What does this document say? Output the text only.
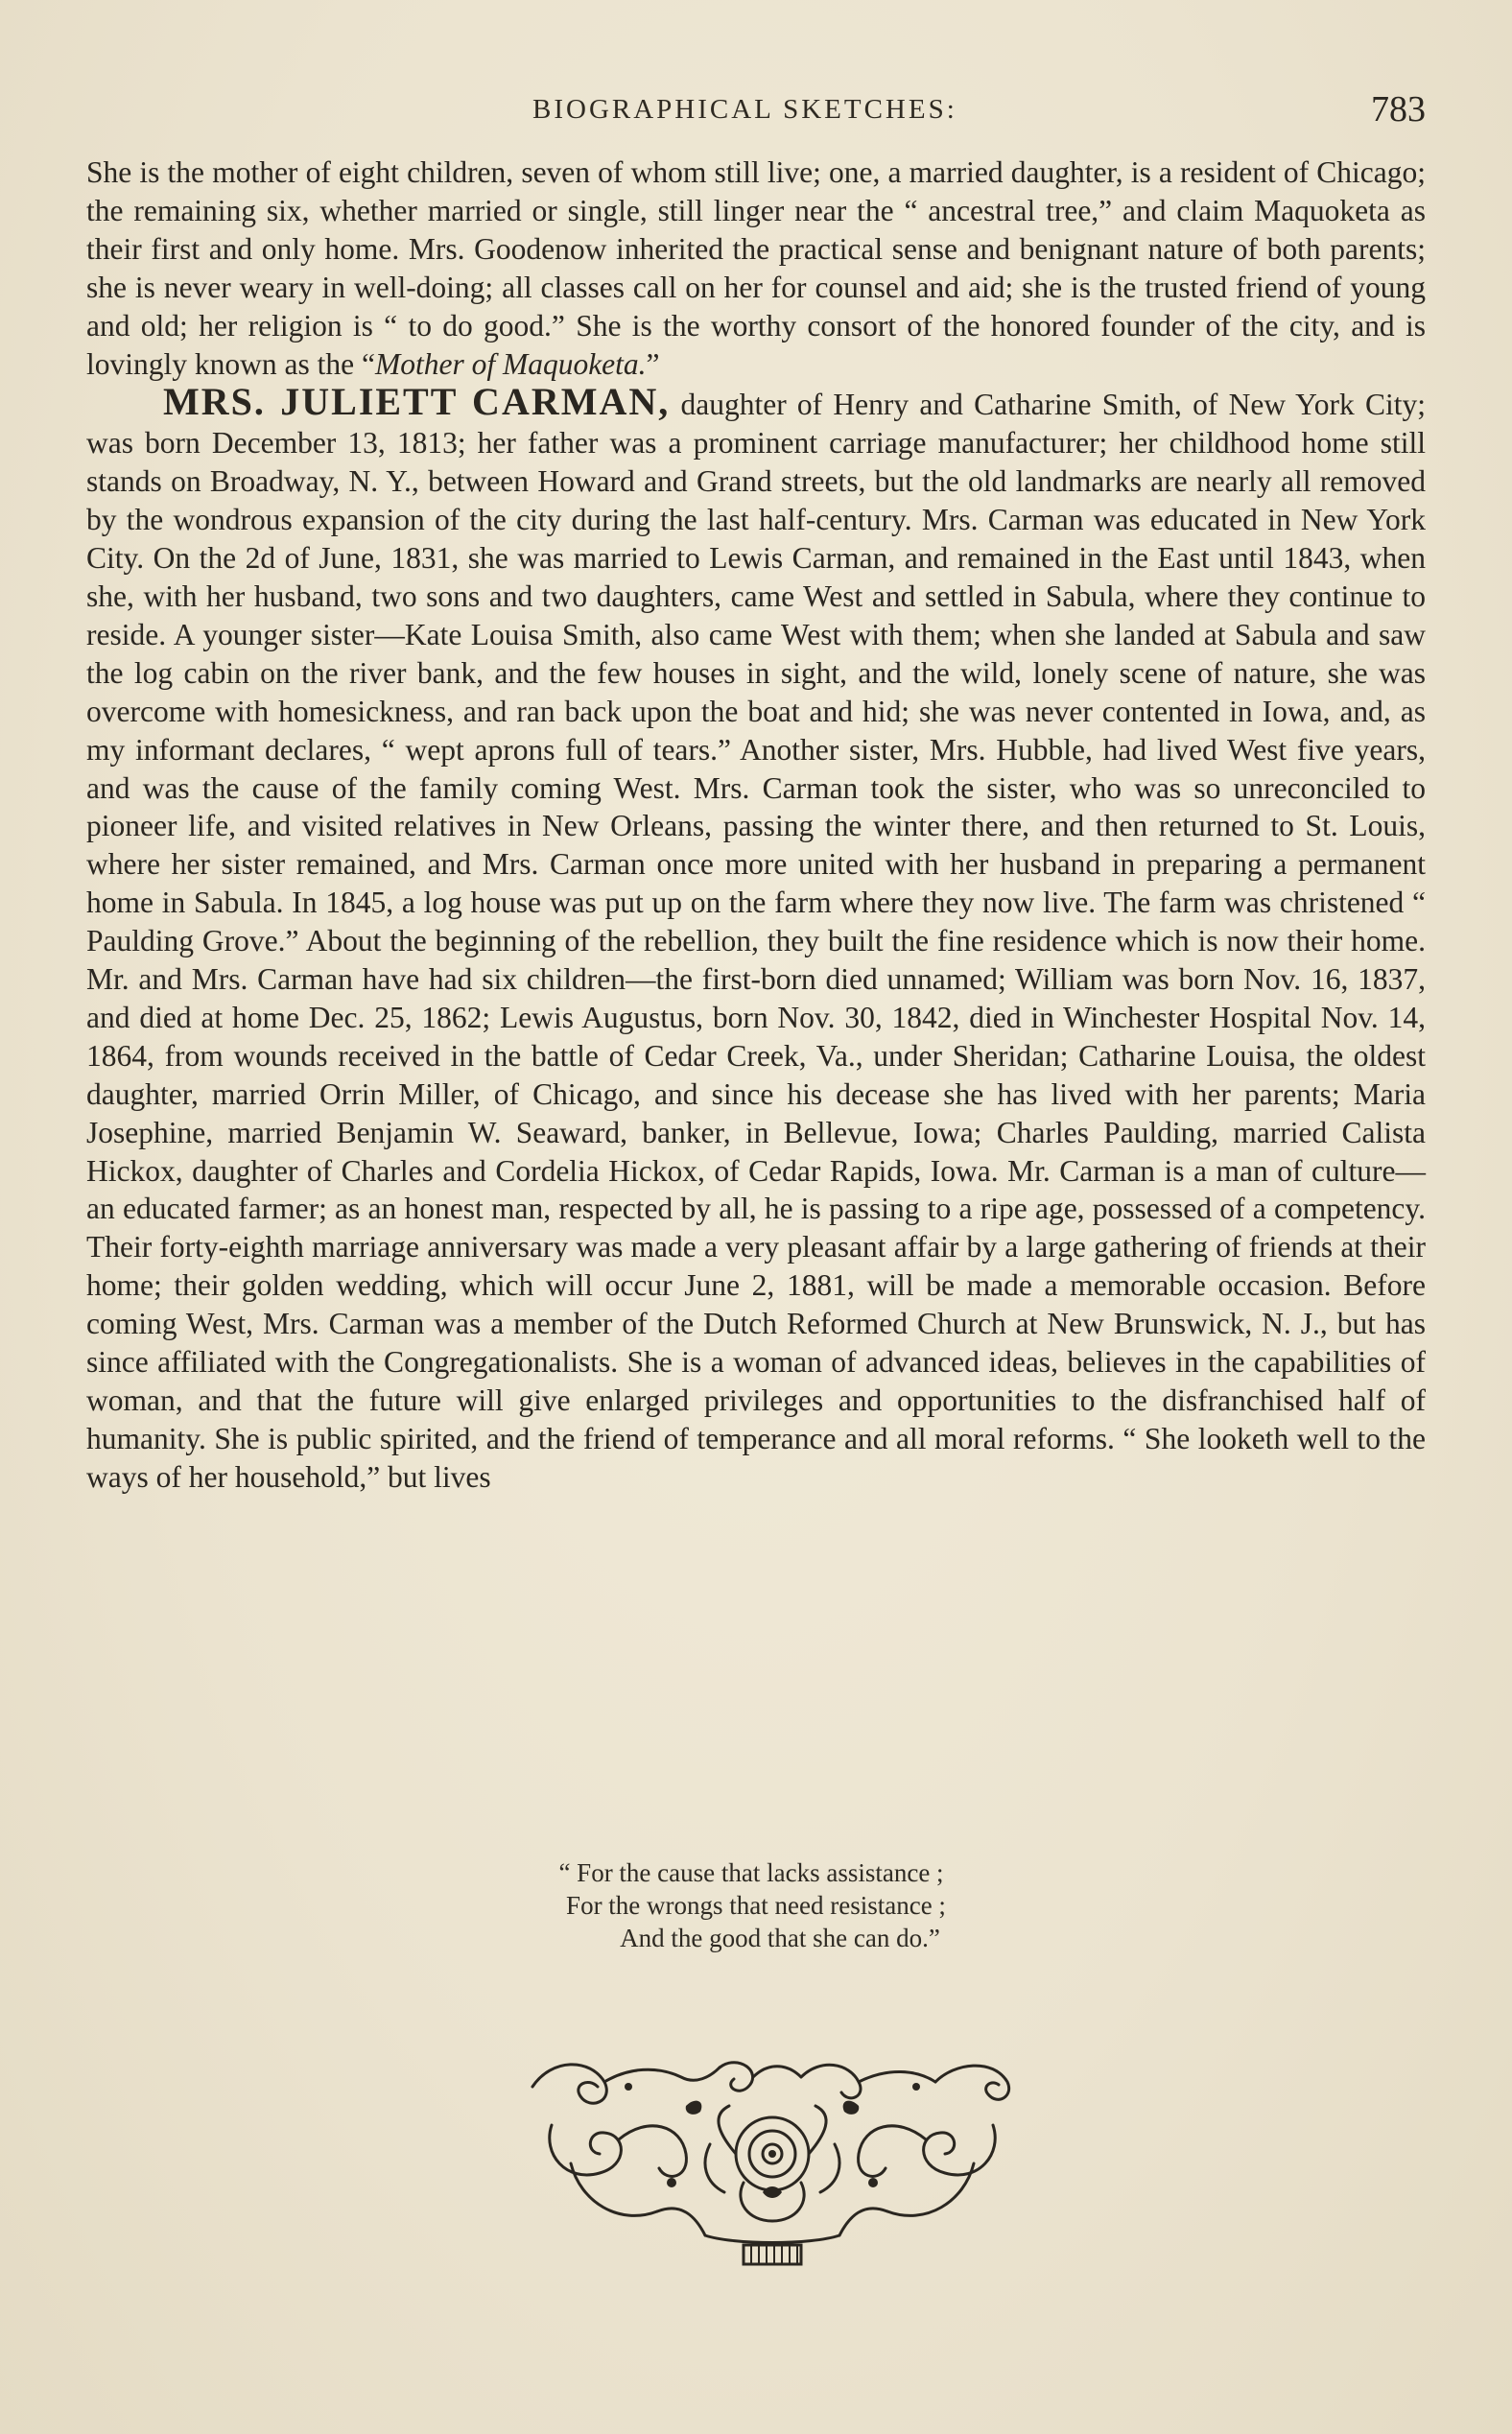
BIOGRAPHICAL SKETCHES:	783

She is the mother of eight children, seven of whom still live; one, a married daughter, is a resident of Chicago; the remaining six, whether married or single, still linger near the “ ancestral tree,” and claim Maquoketa as their first and only home. Mrs. Goodenow inherited the practical sense and benignant nature of both parents; she is never weary in well-doing; all classes call on her for counsel and aid; she is the trusted friend of young and old; her religion is “ to do good.” She is the worthy consort of the honored founder of the city, and is lovingly known as the “Mother of Maquoketa.”

MRS. JULIETT CARMAN, daughter of Henry and Catharine Smith, of New York City; was born December 13, 1813; her father was a prominent carriage manufacturer; her childhood home still stands on Broadway, N. Y., between Howard and Grand streets, but the old landmarks are nearly all removed by the wondrous expansion of the city during the last half-century. Mrs. Carman was educated in New York City. On the 2d of June, 1831, she was married to Lewis Carman, and remained in the East until 1843, when she, with her husband, two sons and two daughters, came West and settled in Sabula, where they continue to reside. A younger sister—Kate Louisa Smith, also came West with them; when she landed at Sabula and saw the log cabin on the river bank, and the few houses in sight, and the wild, lonely scene of nature, she was overcome with homesickness, and ran back upon the boat and hid; she was never contented in Iowa, and, as my informant declares, “ wept aprons full of tears.” Another sister, Mrs. Hubble, had lived West five years, and was the cause of the family coming West. Mrs. Carman took the sister, who was so unreconciled to pioneer life, and visited relatives in New Orleans, passing the winter there, and then returned to St. Louis, where her sister remained, and Mrs. Carman once more united with her husband in preparing a permanent home in Sabula. In 1845, a log house was put up on the farm where they now live. The farm was christened “ Paulding Grove.” About the beginning of the rebellion, they built the fine residence which is now their home. Mr. and Mrs. Carman have had six children—the first-born died unnamed; William was born Nov. 16, 1837, and died at home Dec. 25, 1862; Lewis Augustus, born Nov. 30, 1842, died in Winchester Hospital Nov. 14, 1864, from wounds received in the battle of Cedar Creek, Va., under Sheridan; Catharine Louisa, the oldest daughter, married Orrin Miller, of Chicago, and since his decease she has lived with her parents; Maria Josephine, married Benjamin W. Seaward, banker, in Bellevue, Iowa; Charles Paulding, married Calista Hickox, daughter of Charles and Cordelia Hickox, of Cedar Rapids, Iowa. Mr. Carman is a man of culture—an educated farmer; as an honest man, respected by all, he is passing to a ripe age, possessed of a competency. Their forty-eighth marriage anniversary was made a very pleasant affair by a large gathering of friends at their home; their golden wedding, which will occur June 2, 1881, will be made a memorable occasion. Before coming West, Mrs. Carman was a member of the Dutch Reformed Church at New Brunswick, N. J., but has since affiliated with the Congregationalists. She is a woman of advanced ideas, believes in the capabilities of woman, and that the future will give enlarged privileges and opportunities to the disfranchised half of humanity. She is public spirited, and the friend of temperance and all moral reforms. “ She looketh well to the ways of her household,” but lives

“ For the cause that lacks assistance ;
For the wrongs that need resistance ;
And the good that she can do.”
